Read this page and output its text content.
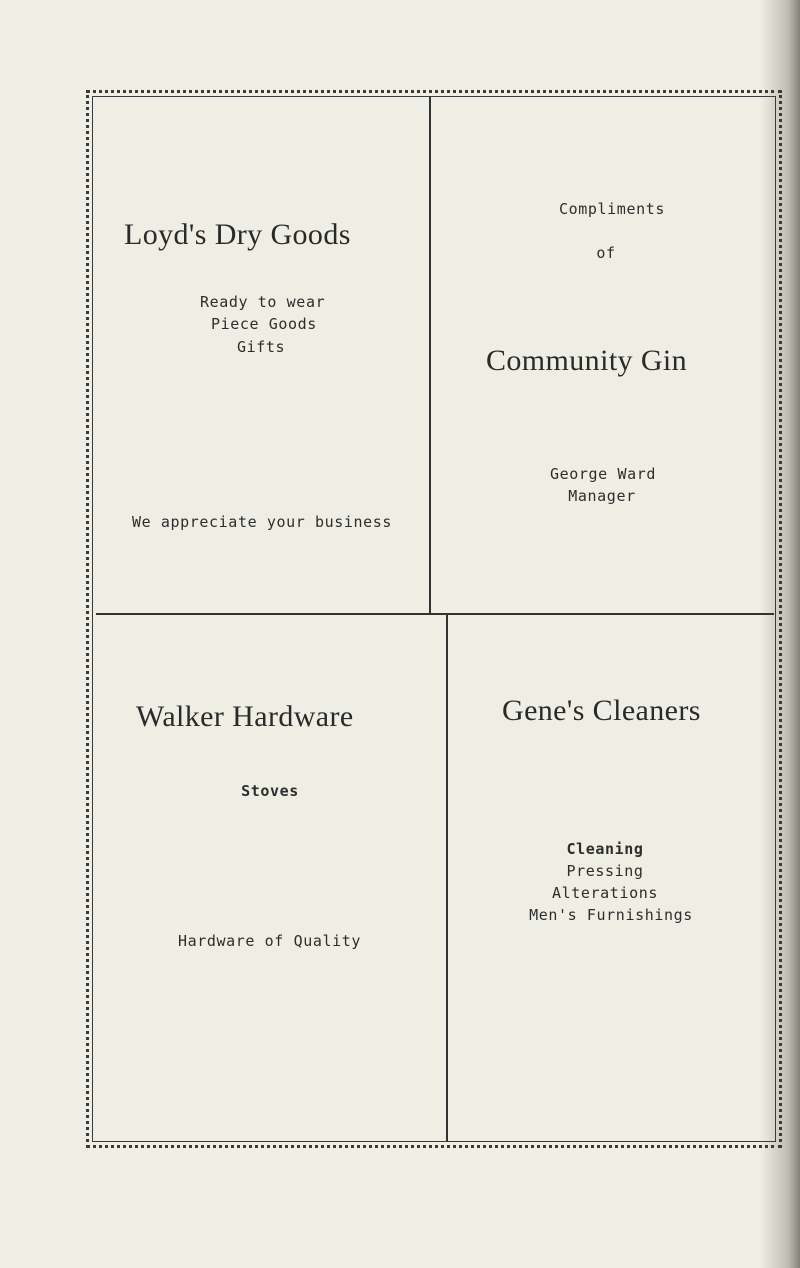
Loyd's Dry Goods
Ready to wear
Piece Goods
Gifts
We appreciate your business
Compliments
of
Community Gin
George Ward
Manager
Walker Hardware
Stoves
Hardware of Quality
Gene's Cleaners
Cleaning
Pressing
Alterations
Men's Furnishings
